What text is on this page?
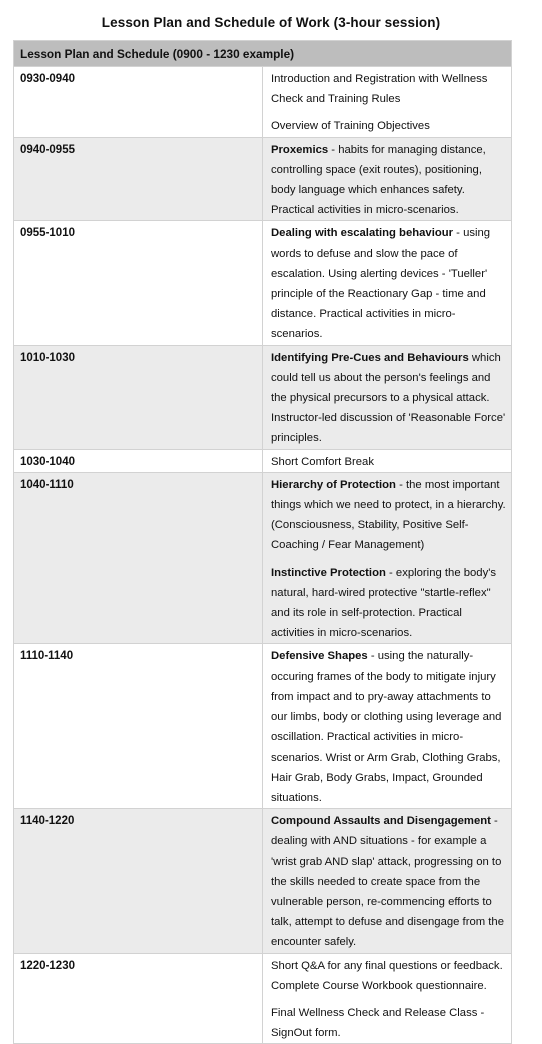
Lesson Plan and Schedule of Work (3-hour session)
Lesson Plan and Schedule (0900 - 1230 example)	
0930-0940	Introduction and Registration with Wellness Check and Training Rules
Overview of Training Objectives

0940-0955	Proxemics - habits for managing distance, controlling space (exit routes), positioning, body language which enhances safety. Practical activities in micro-scenarios.

0955-1010	Dealing with escalating behaviour - using words to defuse and slow the pace of escalation. Using alerting devices - 'Tueller' principle of the Reactionary Gap - time and distance. Practical activities in micro-scenarios.

1010-1030	Identifying Pre-Cues and Behaviours which could tell us about the person's feelings and the physical precursors to a physical attack. Instructor-led discussion of 'Reasonable Force' principles.

1030-1040	Short Comfort Break

1040-1110	Hierarchy of Protection - the most important things which we need to protect, in a hierarchy. (Consciousness, Stability, Positive Self-Coaching / Fear Management)
Instinctive Protection - exploring the body's natural, hard-wired protective "startle-reflex" and its role in self-protection. Practical activities in micro-scenarios.

1110-1140	Defensive Shapes - using the naturally-occuring frames of the body to mitigate injury from impact and to pry-away attachments to our limbs, body or clothing using leverage and oscillation. Practical activities in micro-scenarios. Wrist or Arm Grab, Clothing Grabs, Hair Grab, Body Grabs, Impact, Grounded situations.

1140-1220	Compound Assaults and Disengagement - dealing with AND situations - for example a 'wrist grab AND slap' attack, progressing on to the skills needed to create space from the vulnerable person, re-commencing efforts to talk, attempt to defuse and disengage from the encounter safely.

1220-1230	Short Q&A for any final questions or feedback. Complete Course Workbook questionnaire.
Final Wellness Check and Release Class - SignOut form.
